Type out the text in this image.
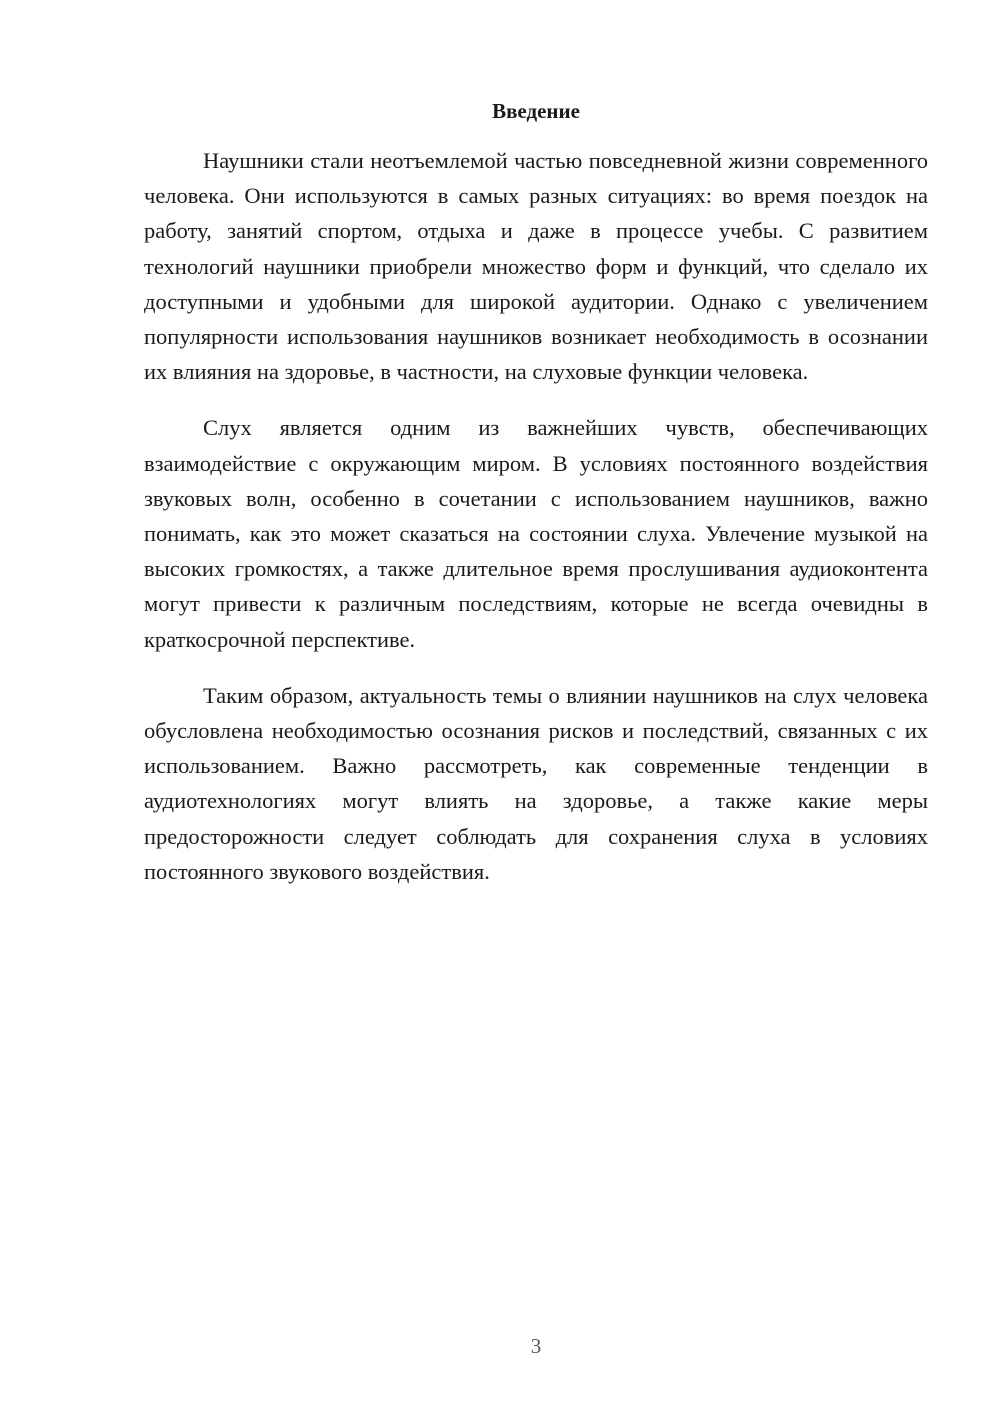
Введение

Наушники стали неотъемлемой частью повседневной жизни современного человека. Они используются в самых разных ситуациях: во время поездок на работу, занятий спортом, отдыха и даже в процессе учебы. С развитием технологий наушники приобрели множество форм и функций, что сделало их доступными и удобными для широкой аудитории. Однако с увеличением популярности использования наушников возникает необходимость в осознании их влияния на здоровье, в частности, на слуховые функции человека.

Слух является одним из важнейших чувств, обеспечивающих взаимодействие с окружающим миром. В условиях постоянного воздействия звуковых волн, особенно в сочетании с использованием наушников, важно понимать, как это может сказаться на состоянии слуха. Увлечение музыкой на высоких громкостях, а также длительное время прослушивания аудиоконтента могут привести к различным последствиям, которые не всегда очевидны в краткосрочной перспективе.

Таким образом, актуальность темы о влиянии наушников на слух человека обусловлена необходимостью осознания рисков и последствий, связанных с их использованием. Важно рассмотреть, как современные тенденции в аудиотехнологиях могут влиять на здоровье, а также какие меры предосторожности следует соблюдать для сохранения слуха в условиях постоянного звукового воздействия.

3
